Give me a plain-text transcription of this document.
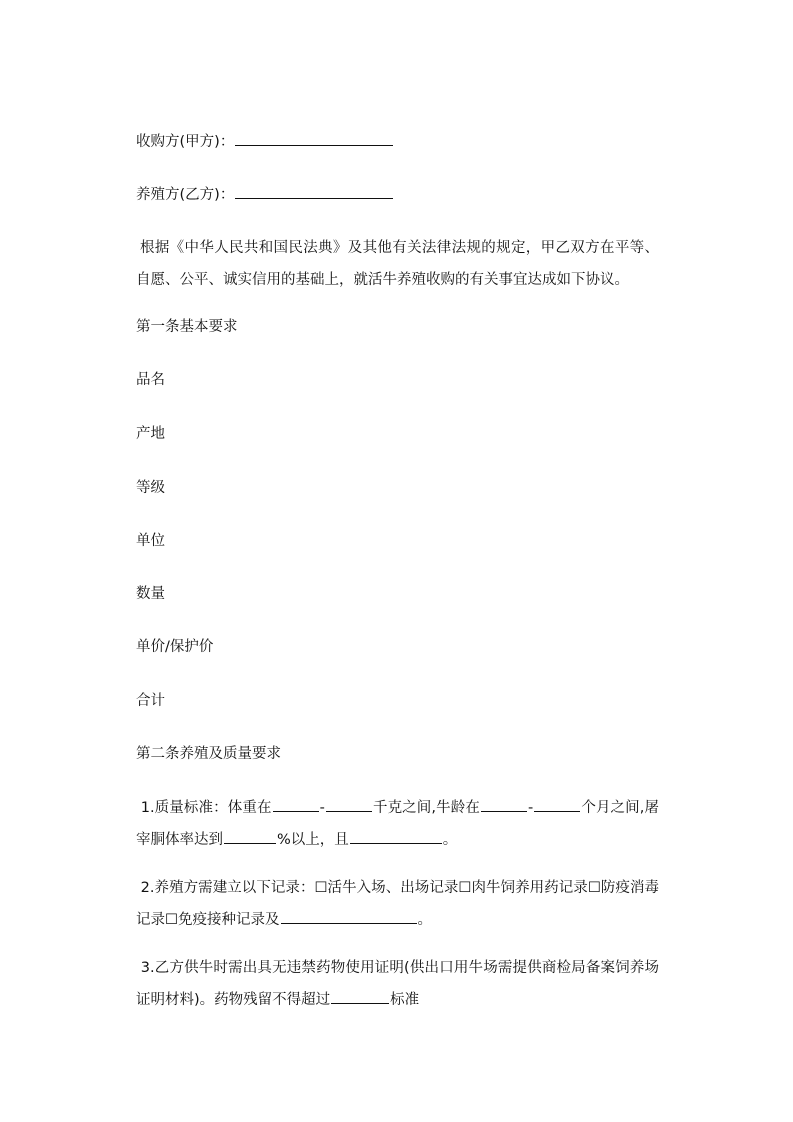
收购方(甲方)：
养殖方(乙方)：
根据《中华人民共和国民法典》及其他有关法律法规的规定，甲乙双方在平等、自愿、公平、诚实信用的基础上，就活牛养殖收购的有关事宜达成如下协议。
第一条基本要求
品名
产地
等级
单位
数量
单价/保护价
合计
第二条养殖及质量要求
1.质量标准：体重在	-	千克之间,牛龄在	-	个月之间,屠宰胴体率达到	%以上，且	。
2.养殖方需建立以下记录：☐活牛入场、出场记录☐肉牛饲养用药记录☐防疫消毒记录☐免疫接种记录及	。
3.乙方供牛时需出具无违禁药物使用证明(供出口用牛场需提供商检局备案饲养场证明材料)。药物残留不得超过	标准
